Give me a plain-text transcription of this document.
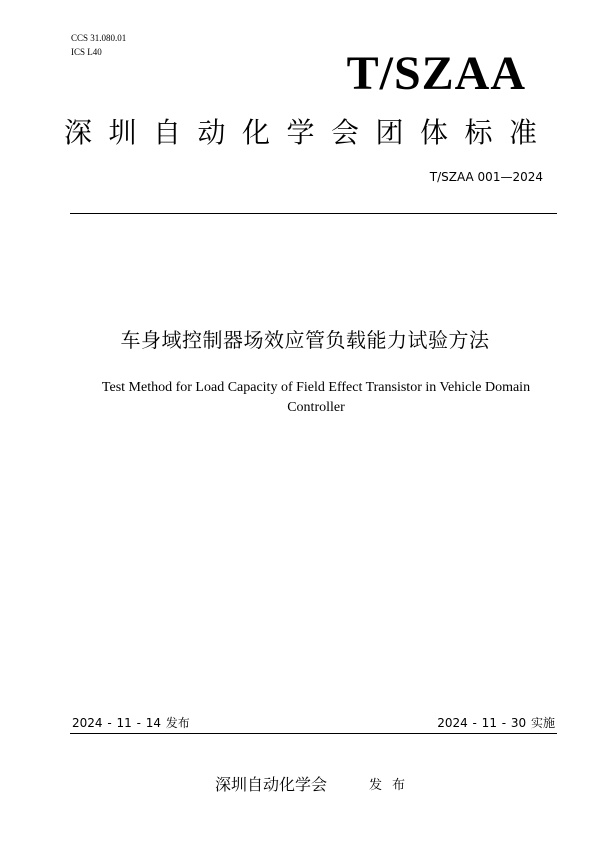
CCS 31.080.01
ICS L40	T/SZAA
深圳自动化学会团体标准
T/SZAA 001—2024
车身域控制器场效应管负载能力试验方法
Test Method for Load Capacity of Field Effect Transistor in Vehicle Domain
Controller
2024 - 11 - 14 发布	2024 - 11 - 30 实施
深圳自动化学会	发布
